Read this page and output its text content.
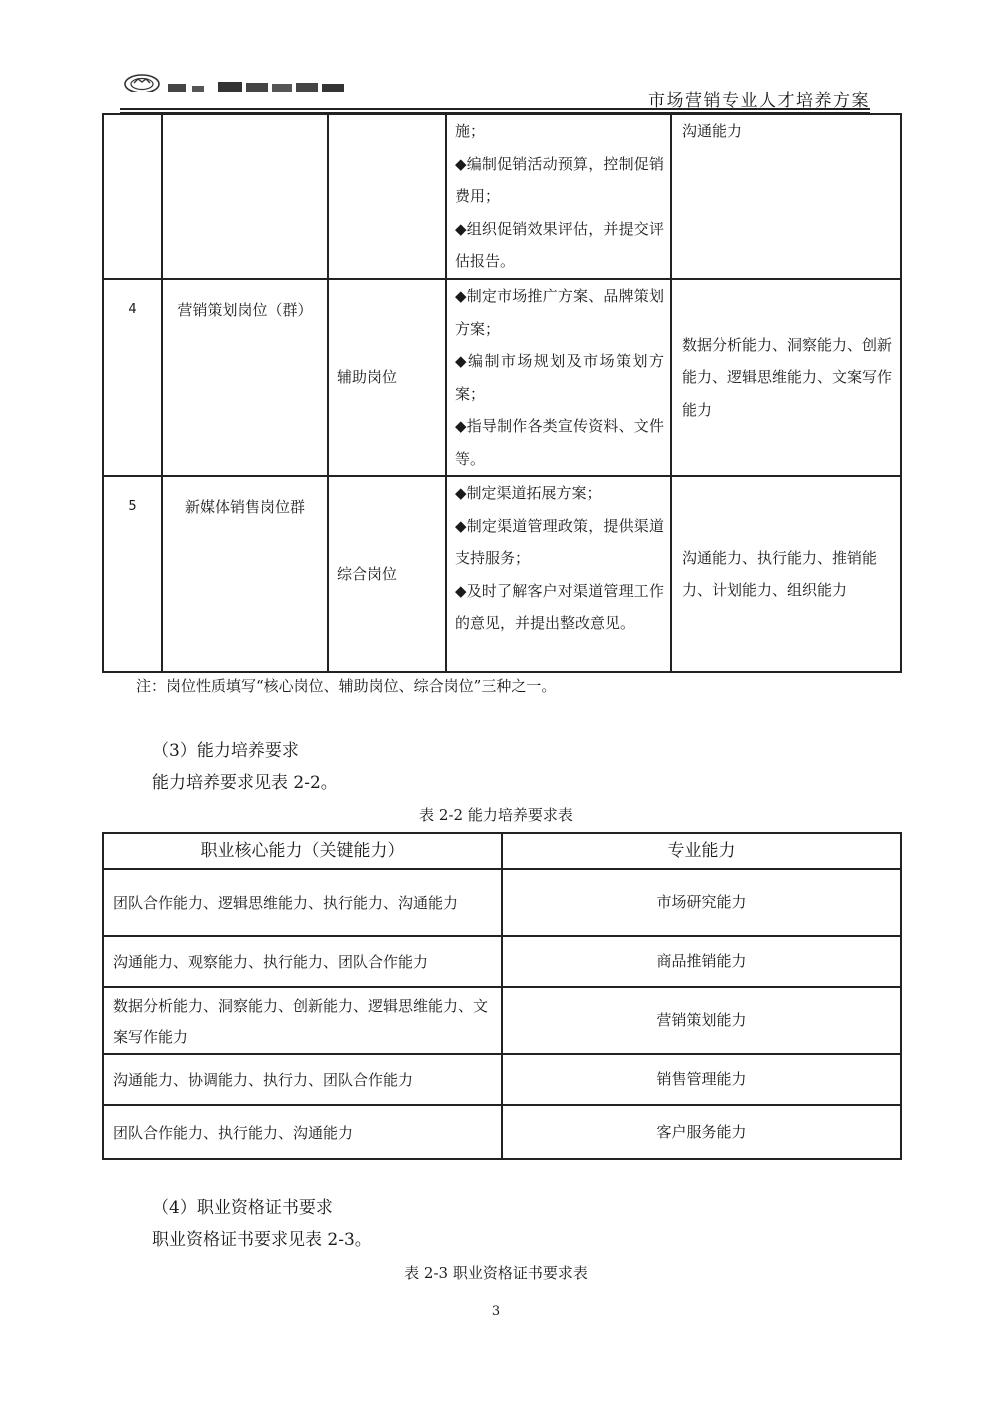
市场营销专业人才培养方案

			施；
◆编制促销活动预算，控制促销费用；
◆组织促销效果评估，并提交评估报告。	沟通能力
4	营销策划岗位（群）	辅助岗位	◆制定市场推广方案、品牌策划方案；
◆编制市场规划及市场策划方案；
◆指导制作各类宣传资料、文件等。	数据分析能力、洞察能力、创新能力、逻辑思维能力、文案写作能力
5	新媒体销售岗位群	综合岗位	◆制定渠道拓展方案；
◆制定渠道管理政策，提供渠道支持服务；
◆及时了解客户对渠道管理工作的意见，并提出整改意见。	沟通能力、执行能力、推销能力、计划能力、组织能力
注：岗位性质填写“核心岗位、辅助岗位、综合岗位”三种之一。
（3）能力培养要求
能力培养要求见表 2-2。
表 2-2 能力培养要求表
职业核心能力（关键能力）	专业能力
团队合作能力、逻辑思维能力、执行能力、沟通能力	市场研究能力
沟通能力、观察能力、执行能力、团队合作能力	商品推销能力
数据分析能力、洞察能力、创新能力、逻辑思维能力、文案写作能力	营销策划能力
沟通能力、协调能力、执行力、团队合作能力	销售管理能力
团队合作能力、执行能力、沟通能力	客户服务能力
（4）职业资格证书要求
职业资格证书要求见表 2-3。
表 2-3 职业资格证书要求表
3
